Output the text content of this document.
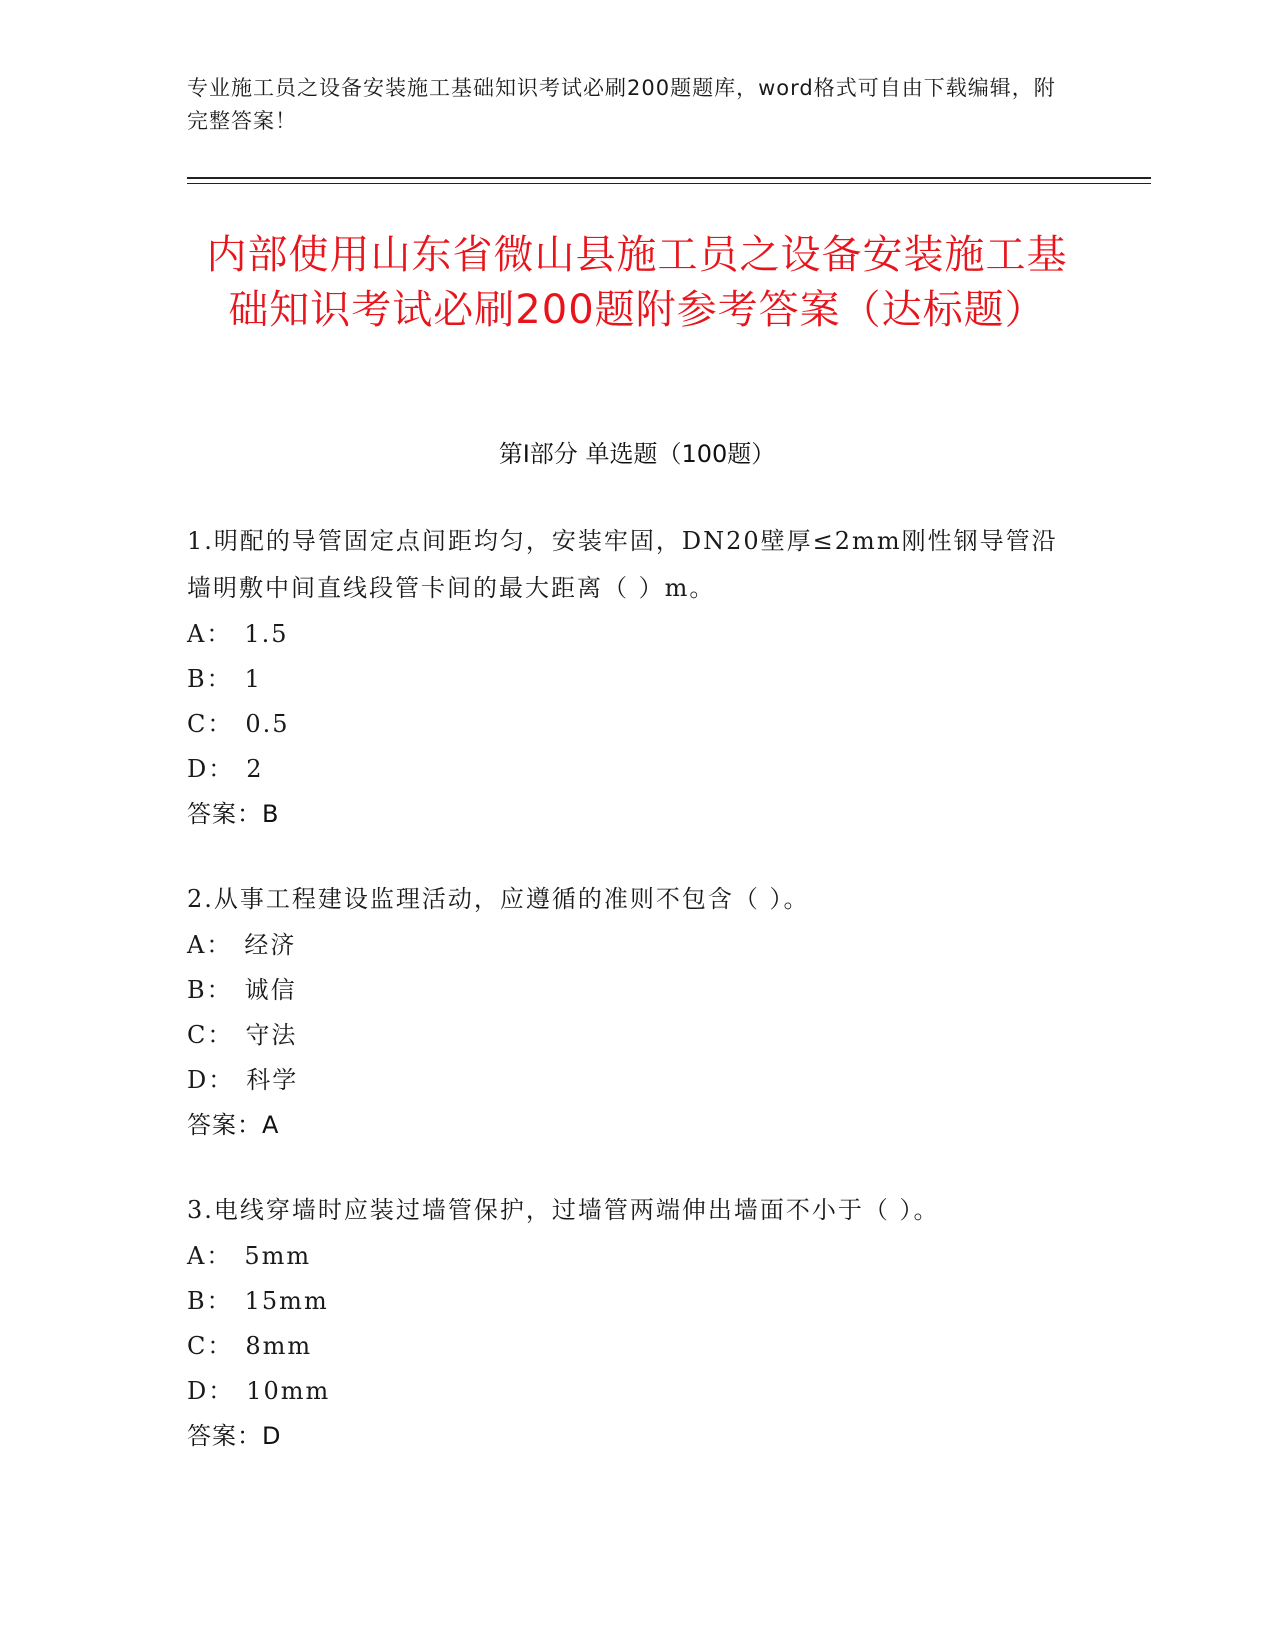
专业施工员之设备安装施工基础知识考试必刷200题题库，word格式可自由下载编辑，附完整答案！
内部使用山东省微山县施工员之设备安装施工基础知识考试必刷200题附参考答案（达标题）
第Ⅰ部分 单选题（100题）
1.明配的导管固定点间距均匀，安装牢固，DN20壁厚≤2mm刚性钢导管沿墙明敷中间直线段管卡间的最大距离（ ）m。
A ： 1.5
B ： 1
C ： 0.5
D ： 2
答案：B
2.从事工程建设监理活动，应遵循的准则不包含（ ）。
A ： 经济
B ： 诚信
C ： 守法
D ： 科学
答案：A
3.电线穿墙时应装过墙管保护，过墙管两端伸出墙面不小于（ ）。
A ： 5mm
B ： 15mm
C ： 8mm
D ： 10mm
答案：D
